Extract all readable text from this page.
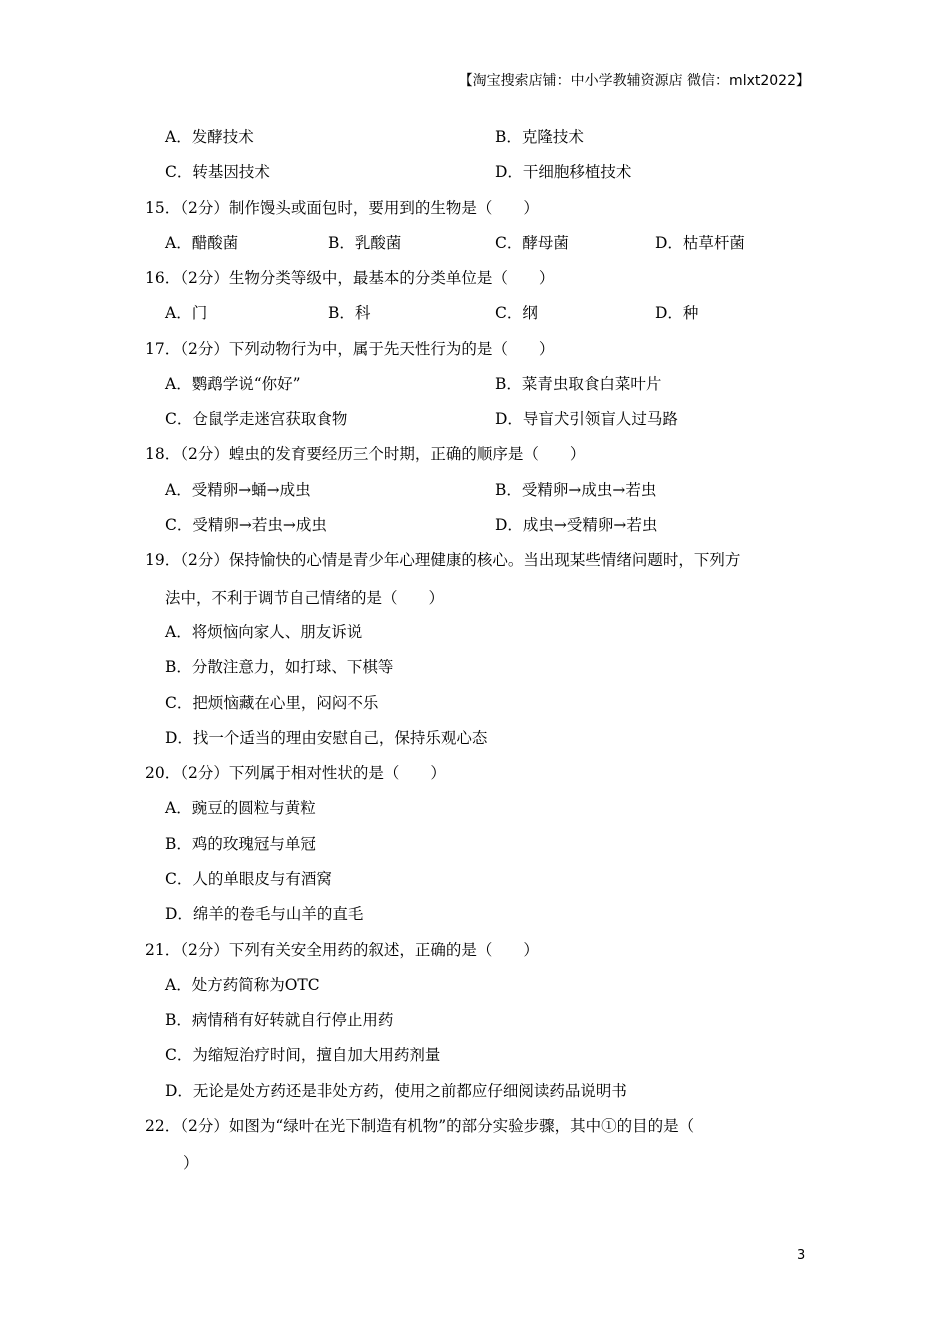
【淘宝搜索店铺：中小学教辅资源店 微信：mlxt2022】
A．发酵技术	B．克隆技术
C．转基因技术	D．干细胞移植技术
15．（2分）制作馒头或面包时，要用到的生物是（　　）
A．醋酸菌	B．乳酸菌	C．酵母菌	D．枯草杆菌
16．（2分）生物分类等级中，最基本的分类单位是（　　）
A．门	B．科	C．纲	D．种
17．（2分）下列动物行为中，属于先天性行为的是（　　）
A．鹦鹉学说“你好”	B．菜青虫取食白菜叶片
C．仓鼠学走迷宫获取食物	D．导盲犬引领盲人过马路
18．（2分）蝗虫的发育要经历三个时期，正确的顺序是（　　）
A．受精卵→蛹→成虫	B．受精卵→成虫→若虫
C．受精卵→若虫→成虫	D．成虫→受精卵→若虫
19．（2分）保持愉快的心情是青少年心理健康的核心。当出现某些情绪问题时，下列方
法中，不利于调节自己情绪的是（　　）
A．将烦恼向家人、朋友诉说
B．分散注意力，如打球、下棋等
C．把烦恼藏在心里，闷闷不乐
D．找一个适当的理由安慰自己，保持乐观心态
20．（2分）下列属于相对性状的是（　　）
A．豌豆的圆粒与黄粒
B．鸡的玫瑰冠与单冠
C．人的单眼皮与有酒窝
D．绵羊的卷毛与山羊的直毛
21．（2分）下列有关安全用药的叙述，正确的是（　　）
A．处方药简称为OTC
B．病情稍有好转就自行停止用药
C．为缩短治疗时间，擅自加大用药剂量
D．无论是处方药还是非处方药，使用之前都应仔细阅读药品说明书
22．（2分）如图为“绿叶在光下制造有机物”的部分实验步骤，其中①的目的是（
）
3
